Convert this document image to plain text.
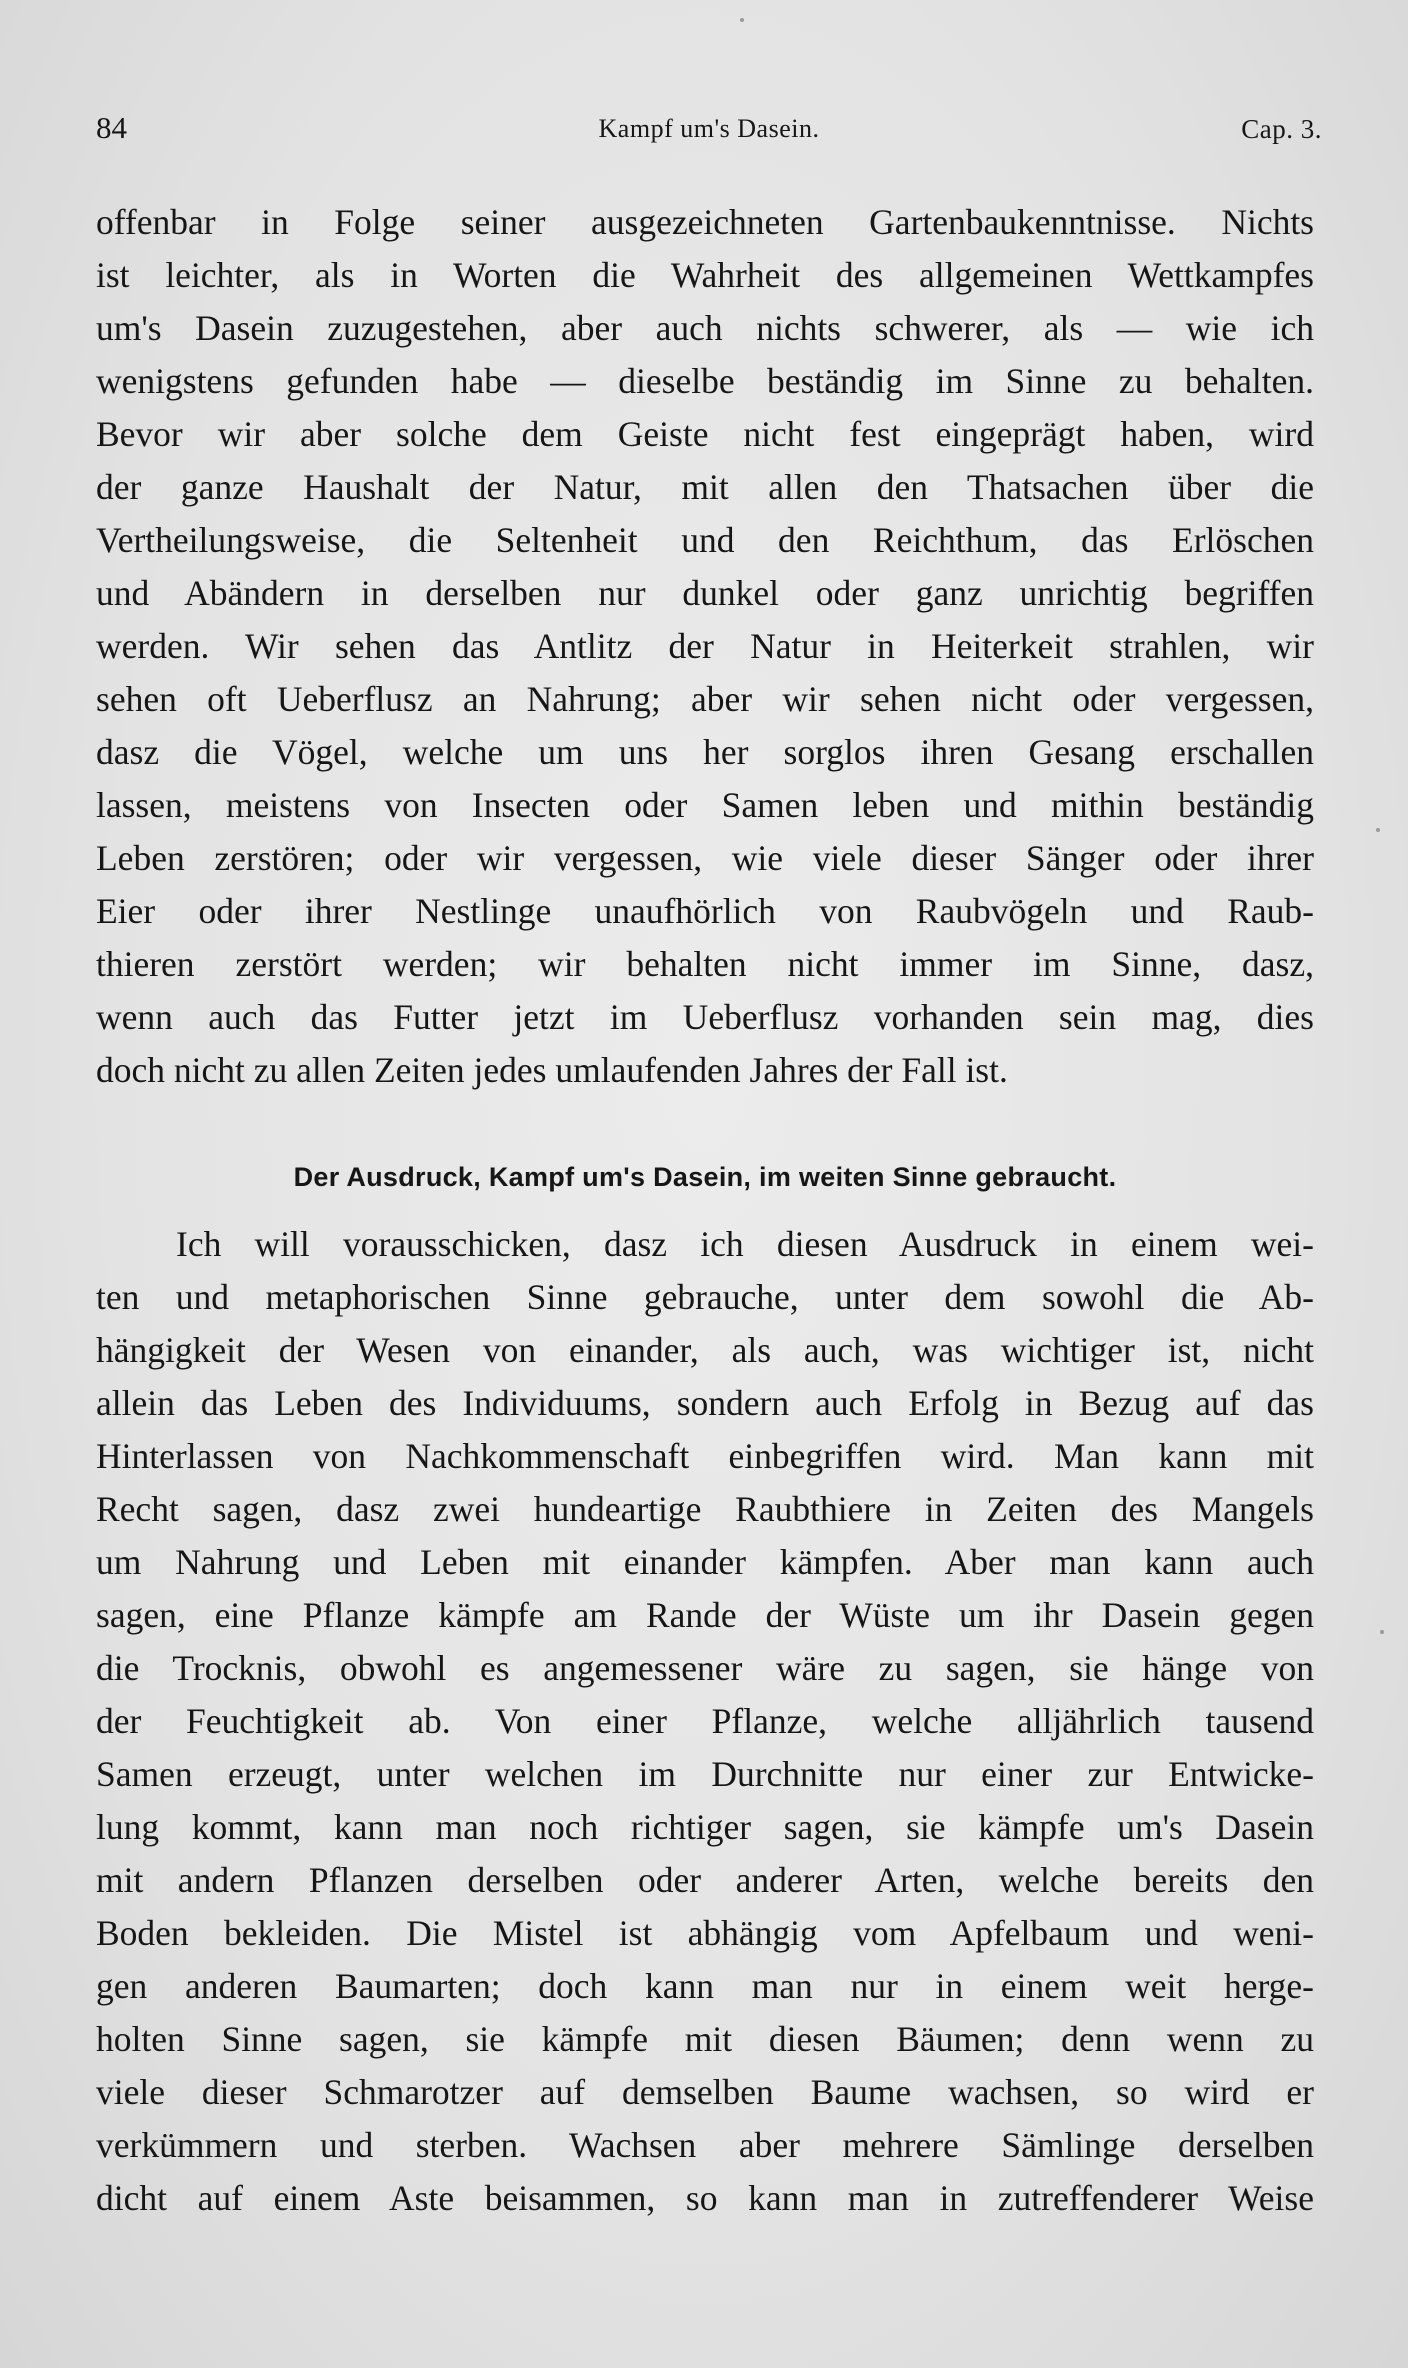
84	Kampf um's Dasein.	Cap. 3.
offenbar in Folge seiner ausgezeichneten Gartenbaukenntnisse. Nichts
ist leichter, als in Worten die Wahrheit des allgemeinen Wettkampfes
um's Dasein zuzugestehen, aber auch nichts schwerer, als — wie ich
wenigstens gefunden habe — dieselbe beständig im Sinne zu behalten.
Bevor wir aber solche dem Geiste nicht fest eingeprägt haben, wird
der ganze Haushalt der Natur, mit allen den Thatsachen über die
Vertheilungsweise, die Seltenheit und den Reichthum, das Erlöschen
und Abändern in derselben nur dunkel oder ganz unrichtig begriffen
werden. Wir sehen das Antlitz der Natur in Heiterkeit strahlen, wir
sehen oft Ueberflusz an Nahrung; aber wir sehen nicht oder vergessen,
dasz die Vögel, welche um uns her sorglos ihren Gesang erschallen
lassen, meistens von Insecten oder Samen leben und mithin beständig
Leben zerstören; oder wir vergessen, wie viele dieser Sänger oder ihrer
Eier oder ihrer Nestlinge unaufhörlich von Raubvögeln und Raub-
thieren zerstört werden; wir behalten nicht immer im Sinne, dasz,
wenn auch das Futter jetzt im Ueberflusz vorhanden sein mag, dies
doch nicht zu allen Zeiten jedes umlaufenden Jahres der Fall ist.
Der Ausdruck, Kampf um's Dasein, im weiten Sinne gebraucht.
Ich will vorausschicken, dasz ich diesen Ausdruck in einem wei-
ten und metaphorischen Sinne gebrauche, unter dem sowohl die Ab-
hängigkeit der Wesen von einander, als auch, was wichtiger ist, nicht
allein das Leben des Individuums, sondern auch Erfolg in Bezug auf das
Hinterlassen von Nachkommenschaft einbegriffen wird. Man kann mit
Recht sagen, dasz zwei hundeartige Raubthiere in Zeiten des Mangels
um Nahrung und Leben mit einander kämpfen. Aber man kann auch
sagen, eine Pflanze kämpfe am Rande der Wüste um ihr Dasein gegen
die Trocknis, obwohl es angemessener wäre zu sagen, sie hänge von
der Feuchtigkeit ab. Von einer Pflanze, welche alljährlich tausend
Samen erzeugt, unter welchen im Durchnitte nur einer zur Entwicke-
lung kommt, kann man noch richtiger sagen, sie kämpfe um's Dasein
mit andern Pflanzen derselben oder anderer Arten, welche bereits den
Boden bekleiden. Die Mistel ist abhängig vom Apfelbaum und weni-
gen anderen Baumarten; doch kann man nur in einem weit herge-
holten Sinne sagen, sie kämpfe mit diesen Bäumen; denn wenn zu
viele dieser Schmarotzer auf demselben Baume wachsen, so wird er
verkümmern und sterben. Wachsen aber mehrere Sämlinge derselben
dicht auf einem Aste beisammen, so kann man in zutreffenderer Weise
